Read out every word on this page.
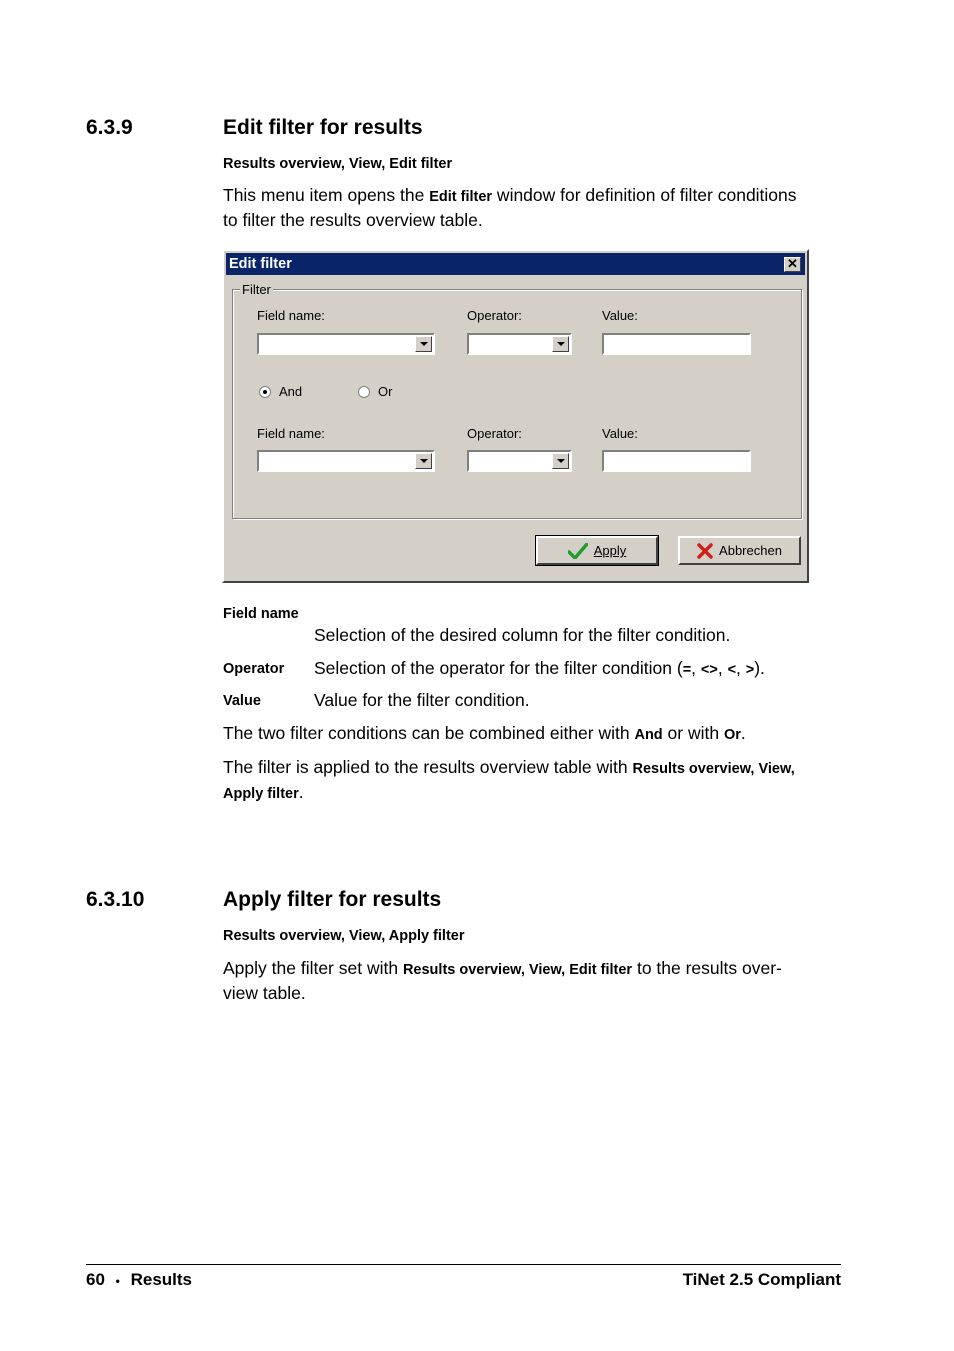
6.3.9	Edit filter for results
Results overview, View, Edit filter
This menu item opens the Edit filter window for definition of filter conditions
to filter the results overview table.
Edit filter	✕
Filter
Field name:	Operator:	Value:
And	Or
Field name:	Operator:	Value:
Apply	Abbrechen
Field name
Selection of the desired column for the filter condition.
Operator Selection of the operator for the filter condition (=, <>, <, >).
Value	Value for the filter condition.
The two filter conditions can be combined either with And or with Or.
The filter is applied to the results overview table with Results overview, View,
Apply filter.
6.3.10	Apply filter for results
Results overview, View, Apply filter
Apply the filter set with Results overview, View, Edit filter to the results over-
view table.
60 • Results	TiNet 2.5 Compliant
